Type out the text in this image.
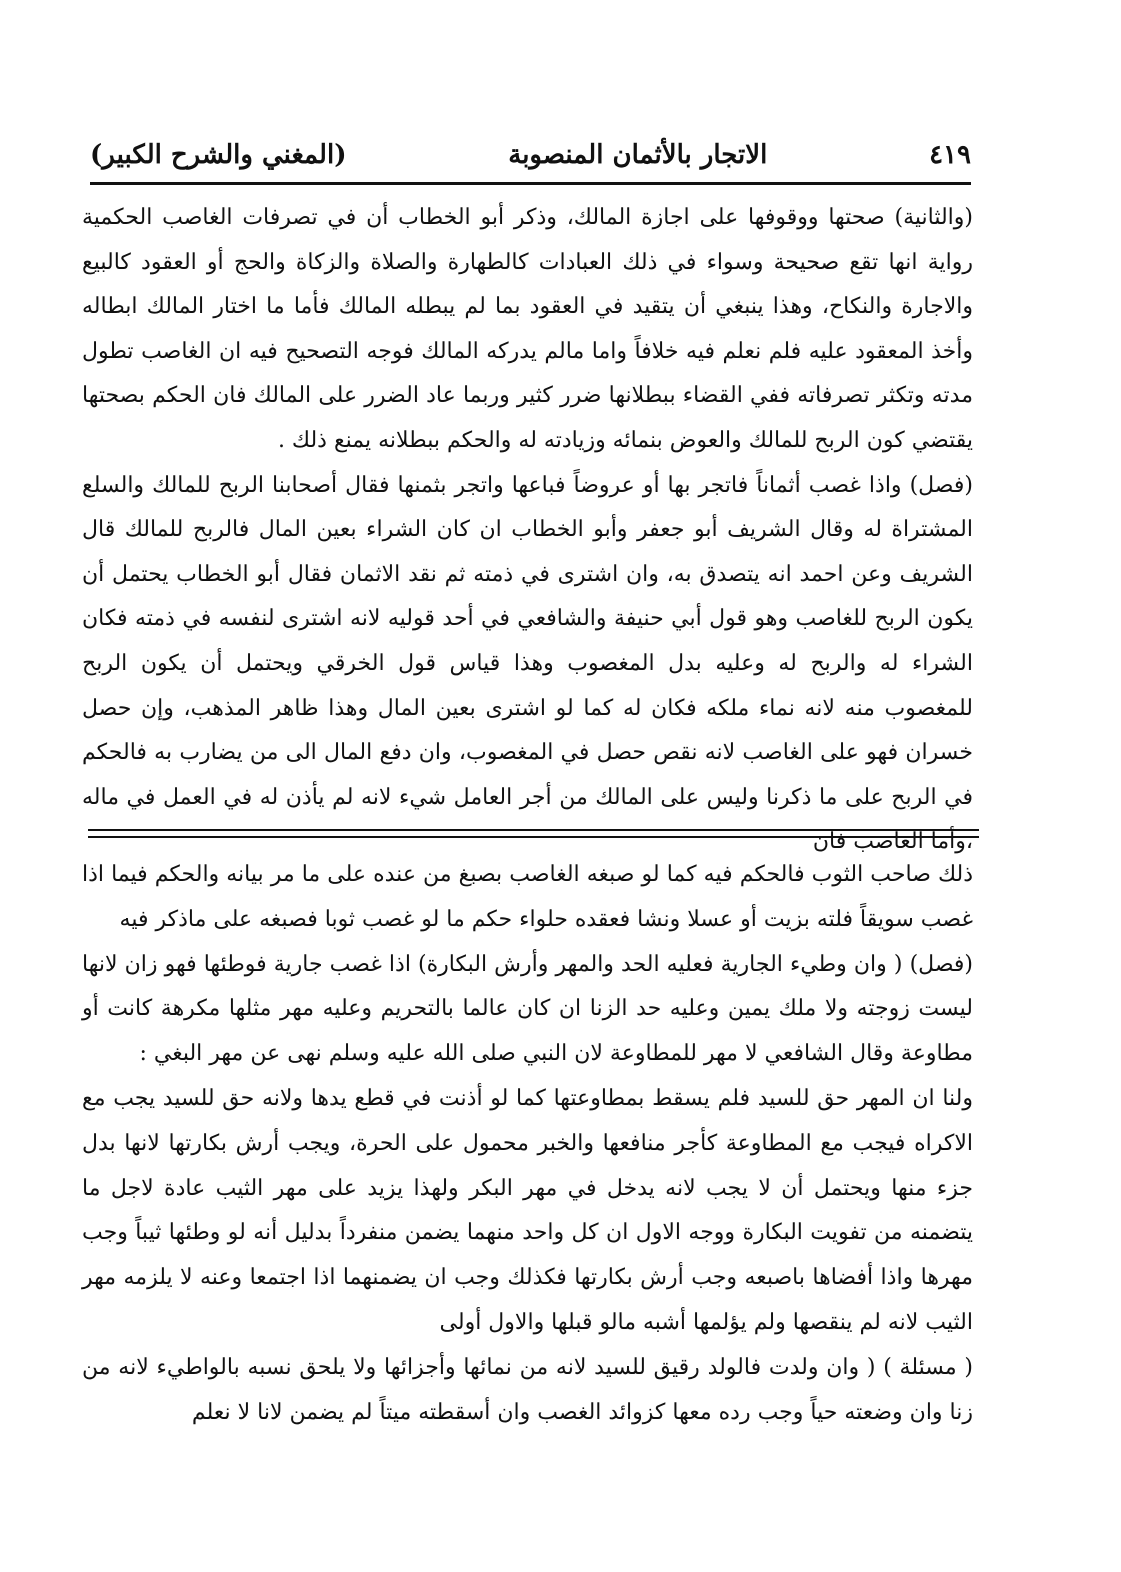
٤١٩
الاتجار بالأثمان المنصوبة
(المغني والشرح الكبير)

(والثانية) صحتها ووقوفها على اجازة المالك، وذكر أبو الخطاب أن في تصرفات الغاصب الحكمية رواية انها تقع صحيحة وسواء في ذلك العبادات كالطهارة والصلاة والزكاة والحج أو العقود كالبيع والاجارة والنكاح، وهذا ينبغي أن يتقيد في العقود بما لم يبطله المالك فأما ما اختار المالك ابطاله وأخذ المعقود عليه فلم نعلم فيه خلافاً واما مالم يدركه المالك فوجه التصحيح فيه ان الغاصب تطول مدته وتكثر تصرفاته ففي القضاء ببطلانها ضرر كثير وربما عاد الضرر على المالك فان الحكم بصحتها يقتضي كون الربح للمالك والعوض بنمائه وزيادته له والحكم ببطلانه يمنع ذلك .

(فصل) واذا غصب أثماناً فاتجر بها أو عروضاً فباعها واتجر بثمنها فقال أصحابنا الربح للمالك والسلع المشتراة له وقال الشريف أبو جعفر وأبو الخطاب ان كان الشراء بعين المال فالربح للمالك قال الشريف وعن احمد انه يتصدق به، وان اشترى في ذمته ثم نقد الاثمان فقال أبو الخطاب يحتمل أن يكون الربح للغاصب وهو قول أبي حنيفة والشافعي في أحد قوليه لانه اشترى لنفسه في ذمته فكان الشراء له والربح له وعليه بدل المغصوب وهذا قياس قول الخرقي ويحتمل أن يكون الربح للمغصوب منه لانه نماء ملكه فكان له كما لو اشترى بعين المال وهذا ظاهر المذهب، وإن حصل خسران فهو على الغاصب لانه نقص حصل في المغصوب، وان دفع المال الى من يضارب به فالحكم في الربح على ما ذكرنا وليس على المالك من أجر العامل شيء لانه لم يأذن له في العمل في ماله ،وأما الغاصب فان

ذلك صاحب الثوب فالحكم فيه كما لو صبغه الغاصب بصبغ من عنده على ما مر بيانه والحكم فيما اذا غصب سويقاً فلته بزيت أو عسلا ونشا فعقده حلواء حكم ما لو غصب ثوبا فصبغه على ماذكر فيه

(فصل) ( وان وطيء الجارية فعليه الحد والمهر وأرش البكارة) اذا غصب جارية فوطئها فهو زان لانها ليست زوجته ولا ملك يمين وعليه حد الزنا ان كان عالما بالتحريم وعليه مهر مثلها مكرهة كانت أو مطاوعة وقال الشافعي لا مهر للمطاوعة لان النبي صلى الله عليه وسلم نهى عن مهر البغي :

ولنا ان المهر حق للسيد فلم يسقط بمطاوعتها كما لو أذنت في قطع يدها ولانه حق للسيد يجب مع الاكراه فيجب مع المطاوعة كأجر منافعها والخبر محمول على الحرة، ويجب أرش بكارتها لانها بدل جزء منها ويحتمل أن لا يجب لانه يدخل في مهر البكر ولهذا يزيد على مهر الثيب عادة لاجل ما يتضمنه من تفويت البكارة ووجه الاول ان كل واحد منهما يضمن منفرداً بدليل أنه لو وطئها ثيباً وجب مهرها واذا أفضاها باصبعه وجب أرش بكارتها فكذلك وجب ان يضمنهما اذا اجتمعا وعنه لا يلزمه مهر الثيب لانه لم ينقصها ولم يؤلمها أشبه مالو قبلها والاول أولى

( مسئلة ) ( وان ولدت فالولد رقيق للسيد لانه من نمائها وأجزائها ولا يلحق نسبه بالواطيء لانه من زنا وان وضعته حياً وجب رده معها كزوائد الغصب وان أسقطته ميتاً لم يضمن لانا لا نعلم
